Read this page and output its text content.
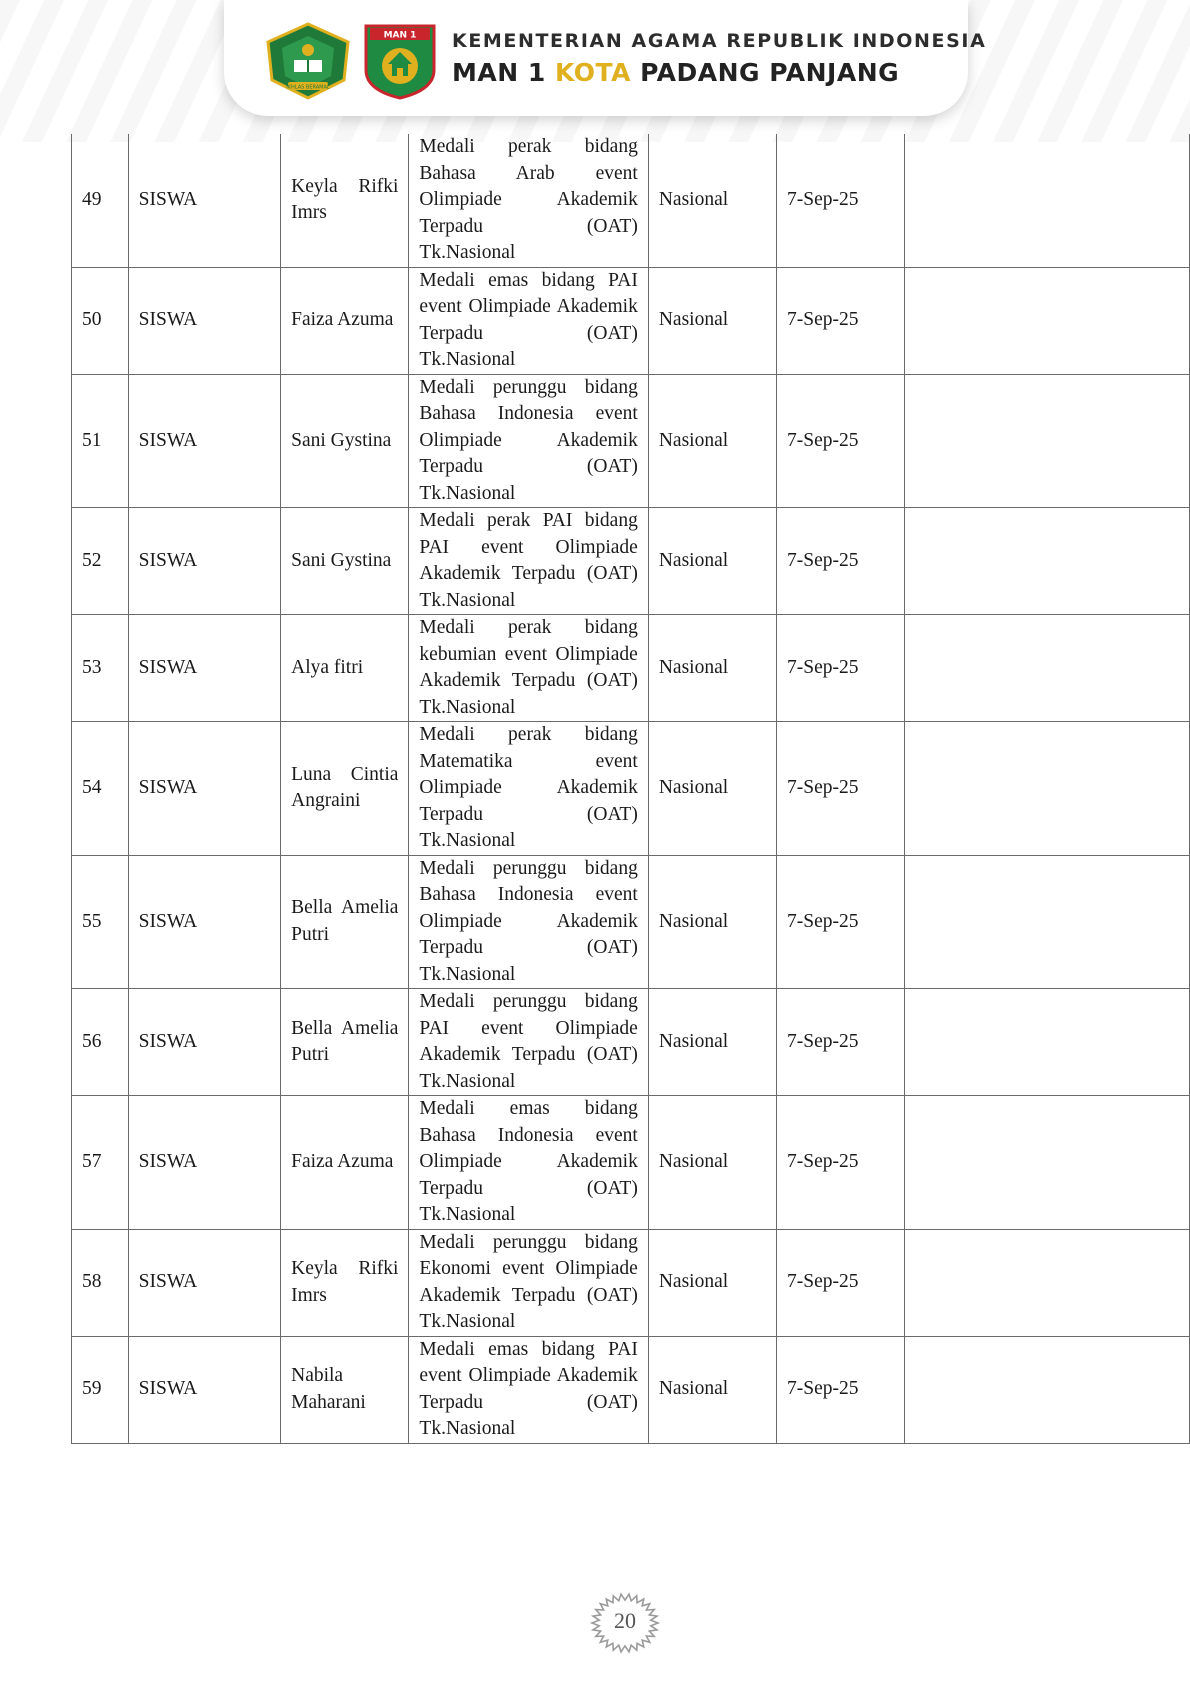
IKHLAS BERAMAL
MAN 1 KEMENTERIAN AGAMA REPUBLIK INDONESIA
MAN 1 KOTA PADANG PANJANG
49	SISWA	Keyla Rifki Imrs	Medali perak bidang Bahasa Arab event Olimpiade Akademik Terpadu (OAT) Tk.Nasional	Nasional	7-Sep-25	
50	SISWA	Faiza Azuma	Medali emas bidang PAI event Olimpiade Akademik Terpadu (OAT) Tk.Nasional	Nasional	7-Sep-25	
51	SISWA	Sani Gystina	Medali perunggu bidang Bahasa Indonesia event Olimpiade Akademik Terpadu (OAT) Tk.Nasional	Nasional	7-Sep-25	
52	SISWA	Sani Gystina	Medali perak PAI bidang PAI event Olimpiade Akademik Terpadu (OAT) Tk.Nasional	Nasional	7-Sep-25	
53	SISWA	Alya fitri	Medali perak bidang kebumian event Olimpiade Akademik Terpadu (OAT) Tk.Nasional	Nasional	7-Sep-25	
54	SISWA	Luna Cintia Angraini	Medali perak bidang Matematika event Olimpiade Akademik Terpadu (OAT) Tk.Nasional	Nasional	7-Sep-25	
55	SISWA	Bella Amelia Putri	Medali perunggu bidang Bahasa Indonesia event Olimpiade Akademik Terpadu (OAT) Tk.Nasional	Nasional	7-Sep-25	
56	SISWA	Bella Amelia Putri	Medali perunggu bidang PAI event Olimpiade Akademik Terpadu (OAT) Tk.Nasional	Nasional	7-Sep-25	
57	SISWA	Faiza Azuma	Medali emas bidang Bahasa Indonesia event Olimpiade Akademik Terpadu (OAT) Tk.Nasional	Nasional	7-Sep-25	
58	SISWA	Keyla Rifki Imrs	Medali perunggu bidang Ekonomi event Olimpiade Akademik Terpadu (OAT) Tk.Nasional	Nasional	7-Sep-25	
59	SISWA	Nabila Maharani	Medali emas bidang PAI event Olimpiade Akademik Terpadu (OAT) Tk.Nasional	Nasional	7-Sep-25	
20
